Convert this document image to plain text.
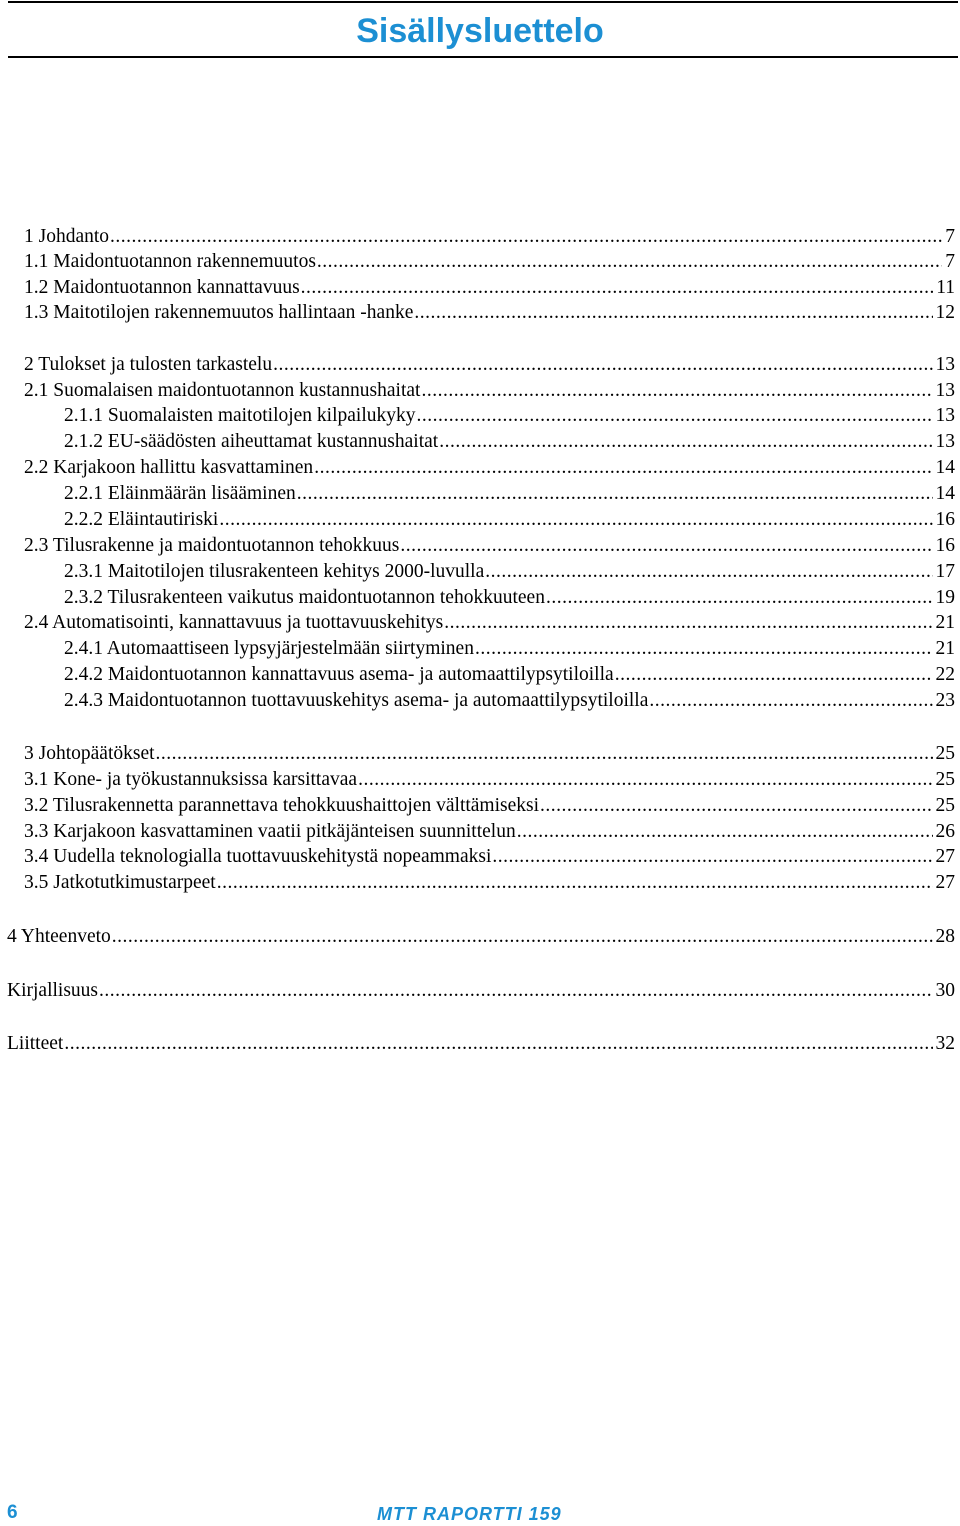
Sisällysluettelo
1 Johdanto .....	7
1.1 Maidontuotannon rakennemuutos .....	7
1.2 Maidontuotannon kannattavuus .....	11
1.3 Maitotilojen rakennemuutos hallintaan -hanke .....	12
2 Tulokset ja tulosten tarkastelu .....	13
2.1 Suomalaisen maidontuotannon kustannushaitat .....	13
2.1.1 Suomalaisten maitotilojen kilpailukyky .....	13
2.1.2 EU-säädösten aiheuttamat kustannushaitat .....	13
2.2 Karjakoon hallittu kasvattaminen .....	14
2.2.1 Eläinmäärän lisääminen .....	14
2.2.2 Eläintautiriski .....	16
2.3 Tilusrakenne ja maidontuotannon tehokkuus .....	16
2.3.1 Maitotilojen tilusrakenteen kehitys 2000-luvulla .....	17
2.3.2 Tilusrakenteen vaikutus maidontuotannon tehokkuuteen .....	19
2.4 Automatisointi, kannattavuus ja tuottavuuskehitys .....	21
2.4.1 Automaattiseen lypsyjärjestelmään siirtyminen .....	21
2.4.2 Maidontuotannon kannattavuus asema- ja automaattilypsytiloilla .....	22
2.4.3 Maidontuotannon tuottavuuskehitys asema- ja automaattilypsytiloilla .....	23
3 Johtopäätökset .....	25
3.1 Kone- ja työkustannuksissa karsittavaa .....	25
3.2 Tilusrakennetta parannettava tehokkuushaittojen välttämiseksi .....	25
3.3 Karjakoon kasvattaminen vaatii pitkäjänteisen suunnittelun .....	26
3.4 Uudella teknologialla tuottavuuskehitystä nopeammaksi .....	27
3.5 Jatkotutkimustarpeet .....	27
4 Yhteenveto .....	28
Kirjallisuus .....	30
Liitteet .....	32
6	MTT RAPORTTI 159
